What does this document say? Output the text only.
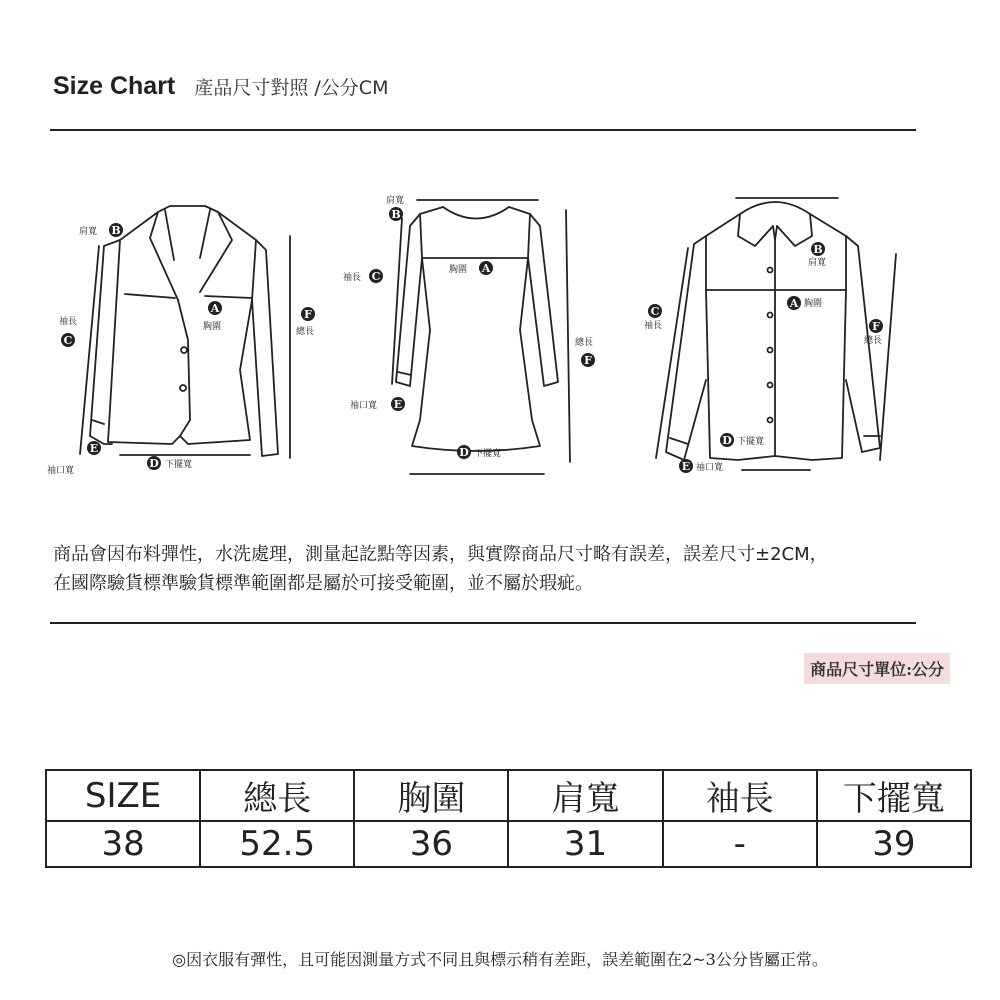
Size Chart 產品尺寸對照 /公分CM
B
A	F
C
E
D
B
C
A
F
E
D
B
A
C
F
D
E
肩寬
胸圍	總長
袖長
袖口寬
下擺寬
肩寬
袖長
胸圍
總長
袖口寬
下擺寬
肩寬
胸圍
袖長
總長
下擺寬
袖口寬
商品會因布料彈性，水洗處理，測量起訖點等因素，與實際商品尺寸略有誤差，誤差尺寸±2CM，
在國際驗貨標準驗貨標準範圍都是屬於可接受範圍，並不屬於瑕疵。
商品尺寸單位:公分
SIZE	總長	胸圍	肩寬	袖長	下擺寬
38	52.5	36	31	-	39
◎因衣服有彈性，且可能因測量方式不同且與標示稍有差距，誤差範圍在2~3公分皆屬正常。
